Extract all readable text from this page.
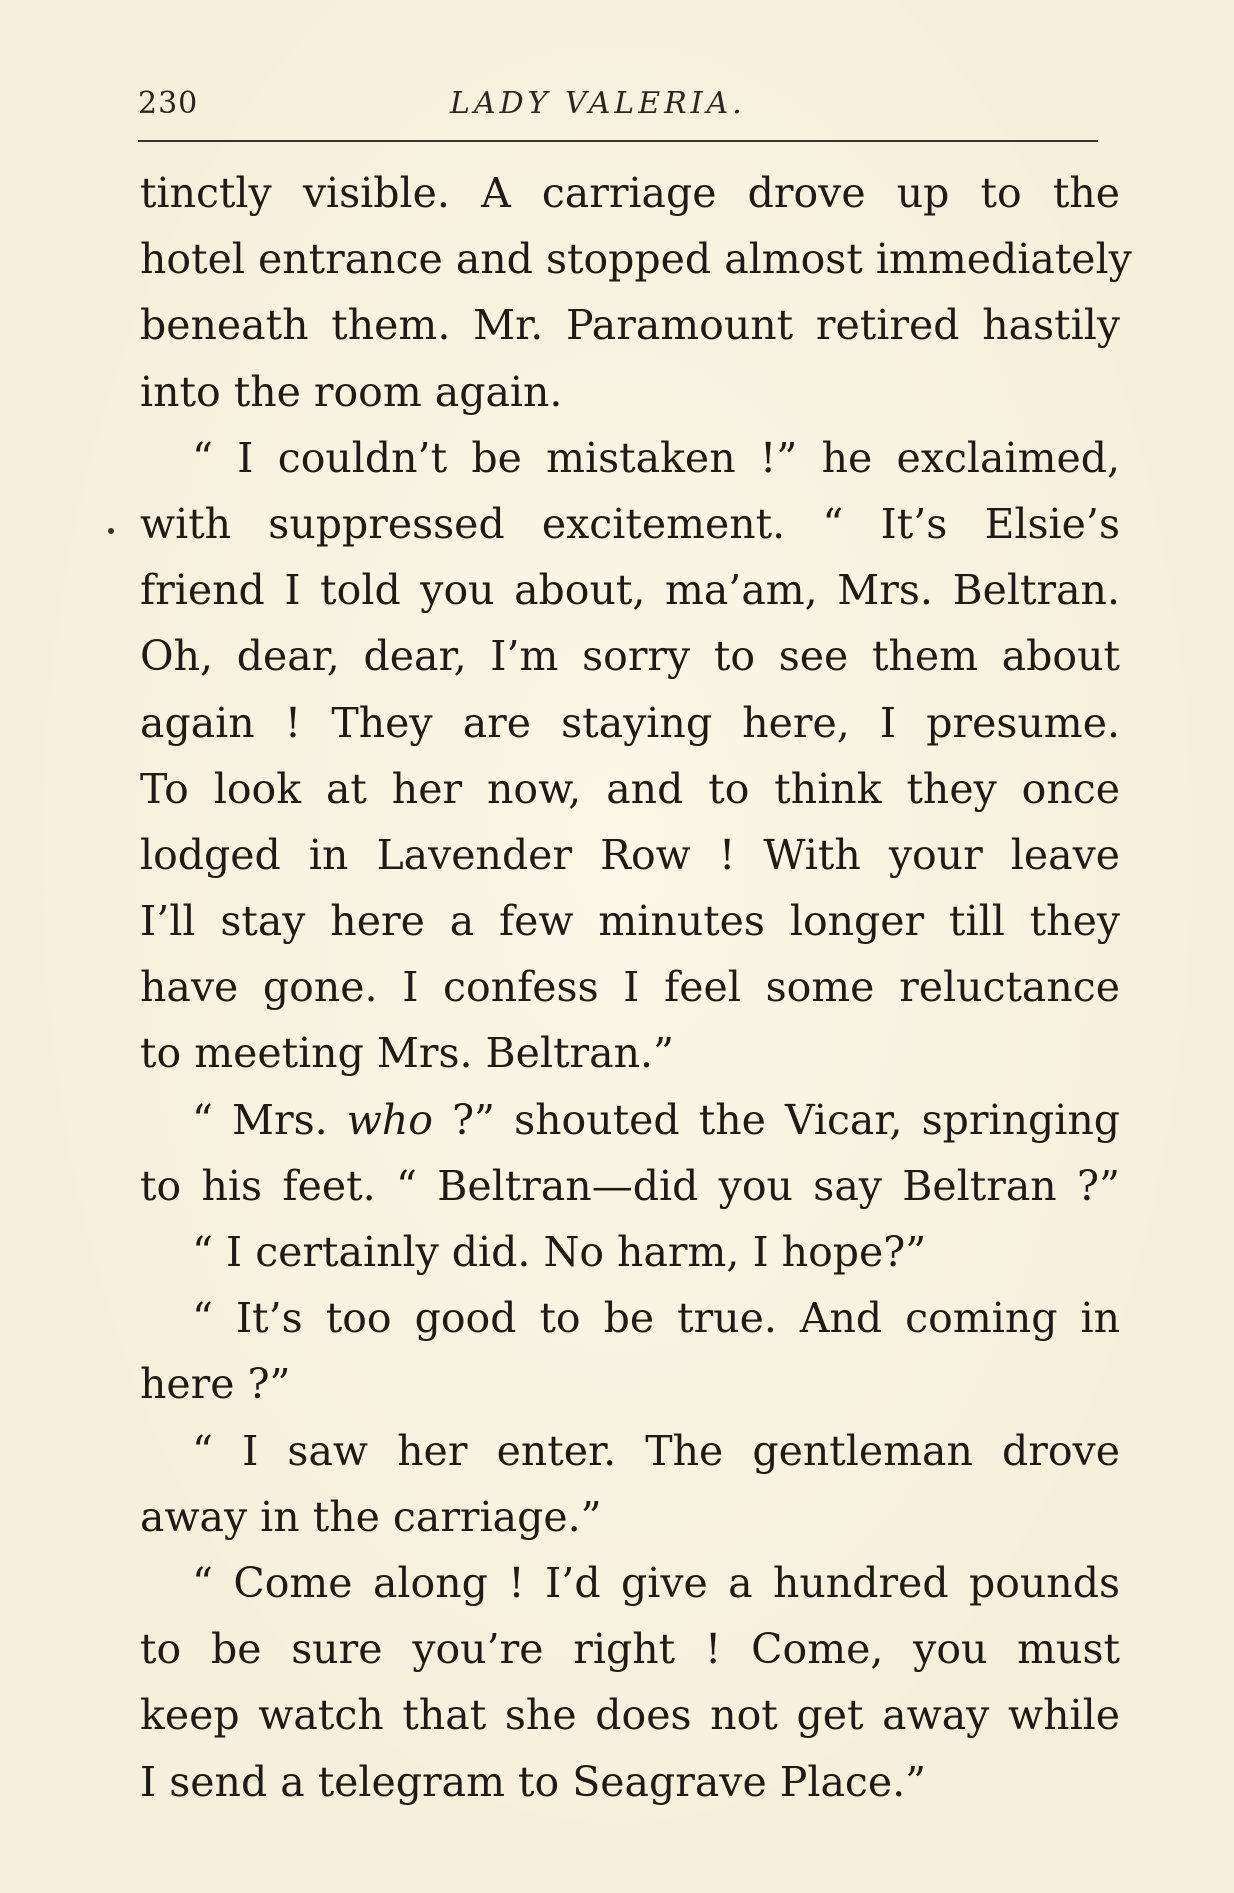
230	LADY VALERIA.
tinctly visible. A carriage drove up to the
hotel entrance and stopped almost immediately
beneath them. Mr. Paramount retired hastily
into the room again.
“ I couldn’t be mistaken !” he exclaimed,
with suppressed excitement. “ It’s Elsie’s
friend I told you about, ma’am, Mrs. Beltran.
Oh, dear, dear, I’m sorry to see them about
again ! They are staying here, I presume.
To look at her now, and to think they once
lodged in Lavender Row ! With your leave
I’ll stay here a few minutes longer till they
have gone. I confess I feel some reluctance
to meeting Mrs. Beltran.”
“ Mrs. who ?” shouted the Vicar, springing
to his feet. “ Beltran—did you say Beltran ?”
“ I certainly did. No harm, I hope?”
“ It’s too good to be true. And coming in
here ?”
“ I saw her enter. The gentleman drove
away in the carriage.”
“ Come along ! I’d give a hundred pounds
to be sure you’re right ! Come, you must
keep watch that she does not get away while
I send a telegram to Seagrave Place.”
